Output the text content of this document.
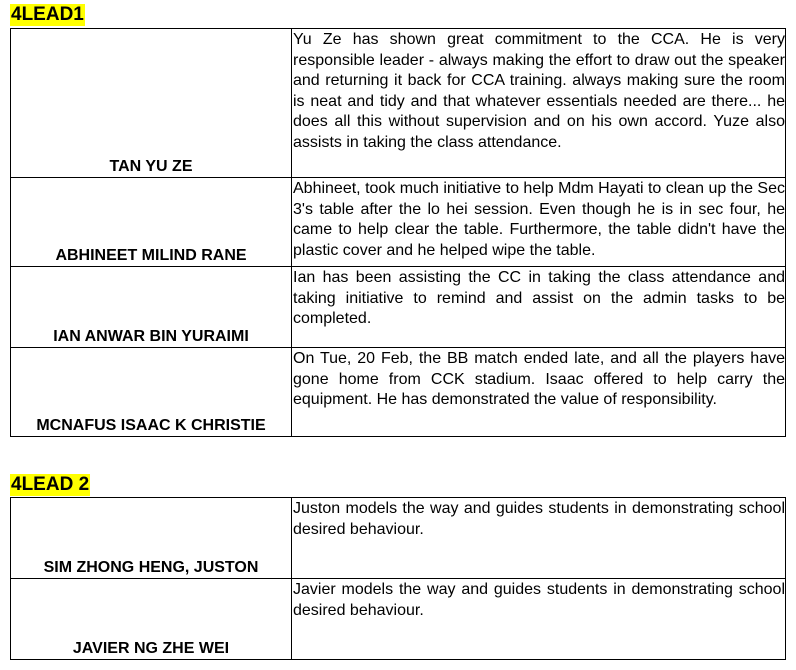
4LEAD1
TAN YU ZE	Yu Ze has shown great commitment to the CCA. He is very responsible leader - always making the effort to draw out the speaker and returning it back for CCA training. always making sure the room is neat and tidy and that whatever essentials needed are there... he does all this without supervision and on his own accord. Yuze also assists in taking the class attendance.
ABHINEET MILIND RANE	Abhineet, took much initiative to help Mdm Hayati to clean up the Sec 3's table after the lo hei session. Even though he is in sec four, he came to help clear the table. Furthermore, the table didn't have the plastic cover and he helped wipe the table.
IAN ANWAR BIN YURAIMI	Ian has been assisting the CC in taking the class attendance and taking initiative to remind and assist on the admin tasks to be completed.
MCNAFUS ISAAC K CHRISTIE	On Tue, 20 Feb, the BB match ended late, and all the players have gone home from CCK stadium. Isaac offered to help carry the equipment. He has demonstrated the value of responsibility.
4LEAD 2
SIM ZHONG HENG, JUSTON	Juston models the way and guides students in demonstrating school desired behaviour.
JAVIER NG ZHE WEI	Javier models the way and guides students in demonstrating school desired behaviour.
